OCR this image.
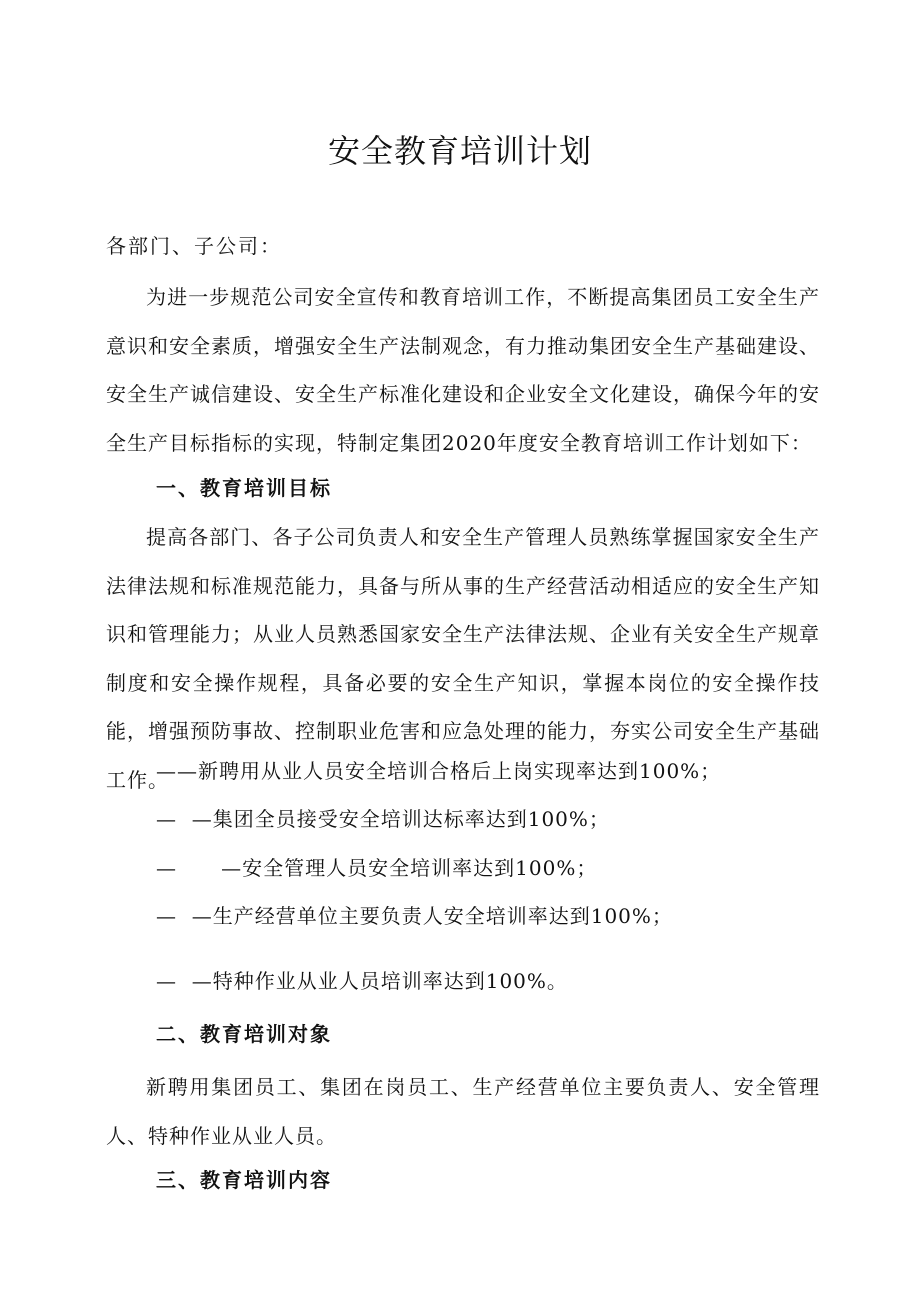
安全教育培训计划

各部门、子公司：

为进一步规范公司安全宣传和教育培训工作，不断提高集团员工安全生产意识和安全素质，增强安全生产法制观念，有力推动集团安全生产基础建设、安全生产诚信建设、安全生产标准化建设和企业安全文化建设，确保今年的安全生产目标指标的实现，特制定集团2020年度安全教育培训工作计划如下：

一、教育培训目标

提高各部门、各子公司负责人和安全生产管理人员熟练掌握国家安全生产法律法规和标准规范能力，具备与所从事的生产经营活动相适应的安全生产知识和管理能力；从业人员熟悉国家安全生产法律法规、企业有关安全生产规章制度和安全操作规程，具备必要的安全生产知识，掌握本岗位的安全操作技能，增强预防事故、控制职业危害和应急处理的能力，夯实公司安全生产基础工作。

——新聘用从业人员安全培训合格后上岗实现率达到100%；

—  —集团全员接受安全培训达标率达到100%；

—      —安全管理人员安全培训率达到100%；

—  —生产经营单位主要负责人安全培训率达到100%；

—  —特种作业从业人员培训率达到100%。

二、教育培训对象

新聘用集团员工、集团在岗员工、生产经营单位主要负责人、安全管理人、特种作业从业人员。

三、教育培训内容
